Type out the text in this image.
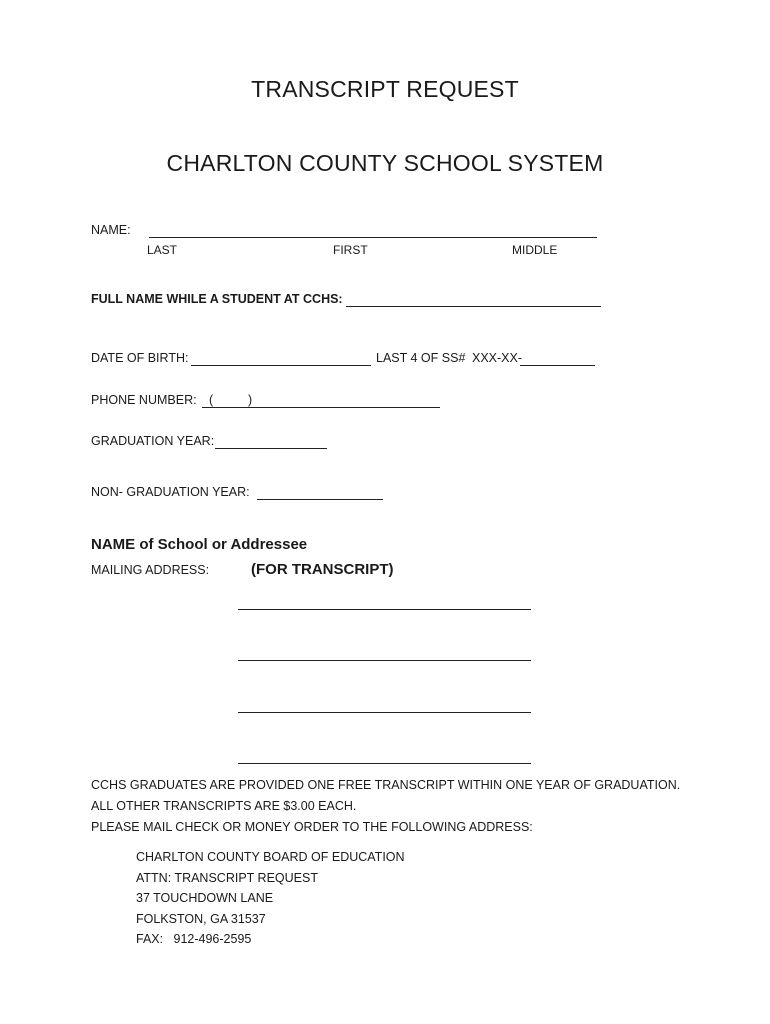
TRANSCRIPT REQUEST
CHARLTON COUNTY SCHOOL SYSTEM
NAME:
LAST	FIRST	MIDDLE
FULL NAME WHILE A STUDENT AT CCHS:
DATE OF BIRTH:	LAST 4 OF SS# XXX-XX-
PHONE NUMBER: (	)
GRADUATION YEAR:
NON- GRADUATION YEAR:
NAME of School or Addressee
MAILING ADDRESS:	(FOR TRANSCRIPT)
CCHS GRADUATES ARE PROVIDED ONE FREE TRANSCRIPT WITHIN ONE YEAR OF GRADUATION.
ALL OTHER TRANSCRIPTS ARE $3.00 EACH.
PLEASE MAIL CHECK OR MONEY ORDER TO THE FOLLOWING ADDRESS:
CHARLTON COUNTY BOARD OF EDUCATION
ATTN: TRANSCRIPT REQUEST
37 TOUCHDOWN LANE
FOLKSTON, GA 31537
FAX:   912-496-2595
